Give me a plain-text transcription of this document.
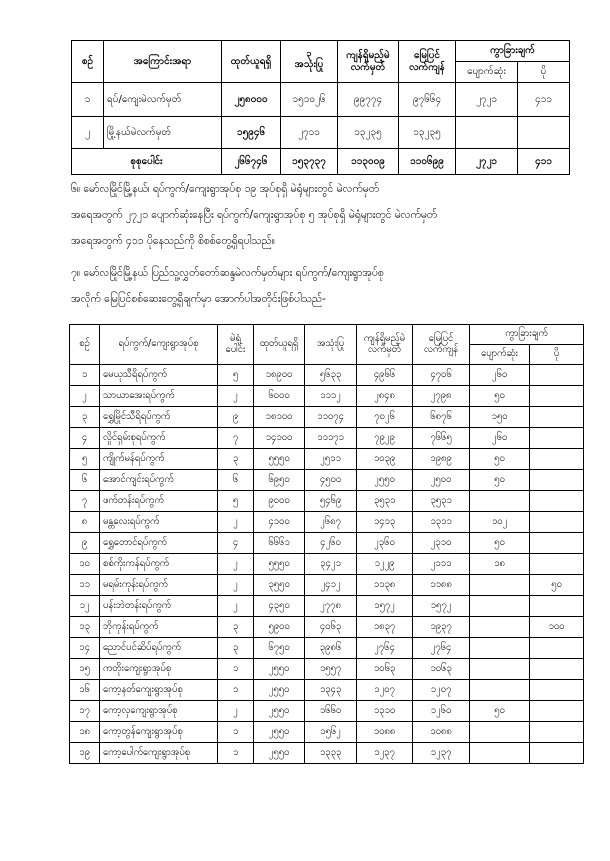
စဉ်	အကြောင်းအရာ	ထုတ်ယူရရှိ	၃
အသုံးပြု	ကျန်ရှိမည့်မဲလက်မှတ်	မြေပြင်လက်ကျန်	ကွာခြားချက်	
						ပျောက်ဆုံး	ပို
၁	ရပ်/ကျေးမဲလက်မှတ်	၂၅၈၀၀၀	၁၅၁၀၂၆	၉၉၇၇၄	၉၇၆၆၄	၂၇၂၁	၄၁၁
၂	မြို့နယ်မဲလက်မှတ်	၁၅၉၄၆	၂၇၁၁	၁၃၂၃၅	၁၃၂၃၅		
စုစုပေါင်း		၂၆၆၇၄၆	၁၅၃၇၃၇	၁၁၃၀၀၉	၁၁၀၆၉၉	၂၇၂၁	၄၁၁
၆။ မော်လမြိုင်မြို့နယ်၊ ရပ်ကွက်/ကျေးရွာအုပ်စု ၁၉ အုပ်စုရှိ မဲရုံများတွင် မဲလက်မှတ်
အရေအတွက် ၂၇၂၁ ပျောက်ဆုံးနေပြီး ရပ်ကွက်/ကျေးရွာအုပ်စု ၅ အုပ်စုရှိ မဲရုံများတွင် မဲလက်မှတ်
အရေအတွက် ၄၁၁ ပိုနေသည်ကို စိစစ်တွေ့ရှိရပါသည်။
၇။ မော်လမြိုင်မြို့နယ် ပြည်သူ့လွှတ်တော်ဆန္ဒမဲလက်မှတ်များ ရပ်ကွက်/ကျေးရွာအုပ်စု
အလိုက် မြေပြင်စစ်ဆေးတွေ့ရှိချက်မှာ အောက်ပါအတိုင်းဖြစ်ပါသည်-
စဉ်	ရပ်ကွက်/ကျေးရွာအုပ်စု	မဲရုံပေါင်း	ထုတ်ယူရရှိ	အသုံးပြု	ကျန်ရှိမည့်မဲလက်မှတ်	မြေပြင်လက်ကျန်	ကွာခြားချက်	
							ပျောက်ဆုံး	ပို
၁	မေယုသီရိရပ်ကွက်	၅	၁၈၉၀၀	၅၆၃၃	၄၉၆၆	၄၇၀၆	၂၆၀	
၂	သာယာအေးရပ်ကွက်	၂	၆၀၀၀	၁၁၁၂	၂၈၄၈	၂၇၉၈	၅၀	
၃	ရွှေမြိုင်သီရိရပ်ကွက်	၉	၁၈၁၀၀	၁၁၀၇၄	၇၀၂၆	၆၈၇၆	၁၅၀	
၄	လှိုင်ရှမ်းစုရပ်ကွက်	၇	၁၄၁၀၀	၁၁၁၇၁	၇၉၂၉	၇၆၆၅	၂၆၀	
၅	ကျိုက်မန်ရပ်ကွက်	၃	၅၅၅၀	၂၅၁၁	၁၀၃၉	၁၉၈၉	၅၀	
၆	အောင်ကျင်းရပ်ကွက်	၆	၆၉၅၀	၄၅၀၀	၂၅၅၀	၂၅၀၀	၅၀	
၇	ဖက်တန်းရပ်ကွက်	၅	၉၀၀၀	၅၄၆၉	၃၅၃၁	၃၅၃၁		
၈	မန္တလေးရပ်ကွက်	၂	၄၁၀၀	၂၆၈၇	၁၄၁၃	၁၃၁၁	၁၀၂	
၉	ရွှေတောင်ရပ်ကွက်	၄	၆၆၆၁	၄၂၆၀	၂၃၆၀	၂၃၁၀	၅၀	
၁၀	စစ်ကိုးကန်ရပ်ကွက်	၂	၅၅၅၀	၃၄၂၁	၁၂၂၉	၂၁၁၁	၁၈	
၁၁	မရမ်းကုန်းရပ်ကွက်	၂	၃၅၅၀	၂၄၁၂	၁၁၃၈	၁၁၈၈		၅၀
၁၂	ပန်းဘဲတန်းရပ်ကွက်	၂	၄၃၅၀	၂၇၇၈	၁၅၇၂	၁၅၇၂		
၁၃	ဘိုကုန်းရပ်ကွက်	၃	၅၉၀၀	၄၀၆၃	၁၈၃၇	၁၉၃၇		၁၀၀
၁၄	ညောင်ပင်ဆိပ်ရပ်ကွက်	၃	၆၇၅၀	၃၉၈၆	၂၇၆၄	၂၇၆၄		
၁၅	ကတိုးကျေးရွာအုပ်စု	၁	၂၅၅၀	၁၅၅၇	၁၀၆၃	၁၀၆၃		
၁၆	ကော့နတ်ကျေးရွာအုပ်စု	၁	၂၅၅၀	၁၃၄၃	၁၂၀၇	၁၂၀၇		
၁၇	ကော့လှကျေးရွာအုပ်စု	၂	၂၅၅၀	၁၆၆၀	၁၃၁၀	၁၂၆၀	၅၀	
၁၈	ကော့တွန်ကျေးရွာအုပ်စု	၁	၂၅၅၀	၁၅၆၂	၁၀၈၈	၁၀၈၈		
၁၉	ကော့ပေါက်ကျေးရွာအုပ်စု	၁	၂၅၅၀	၁၃၃၃	၁၂၃၇	၁၂၃၇		
